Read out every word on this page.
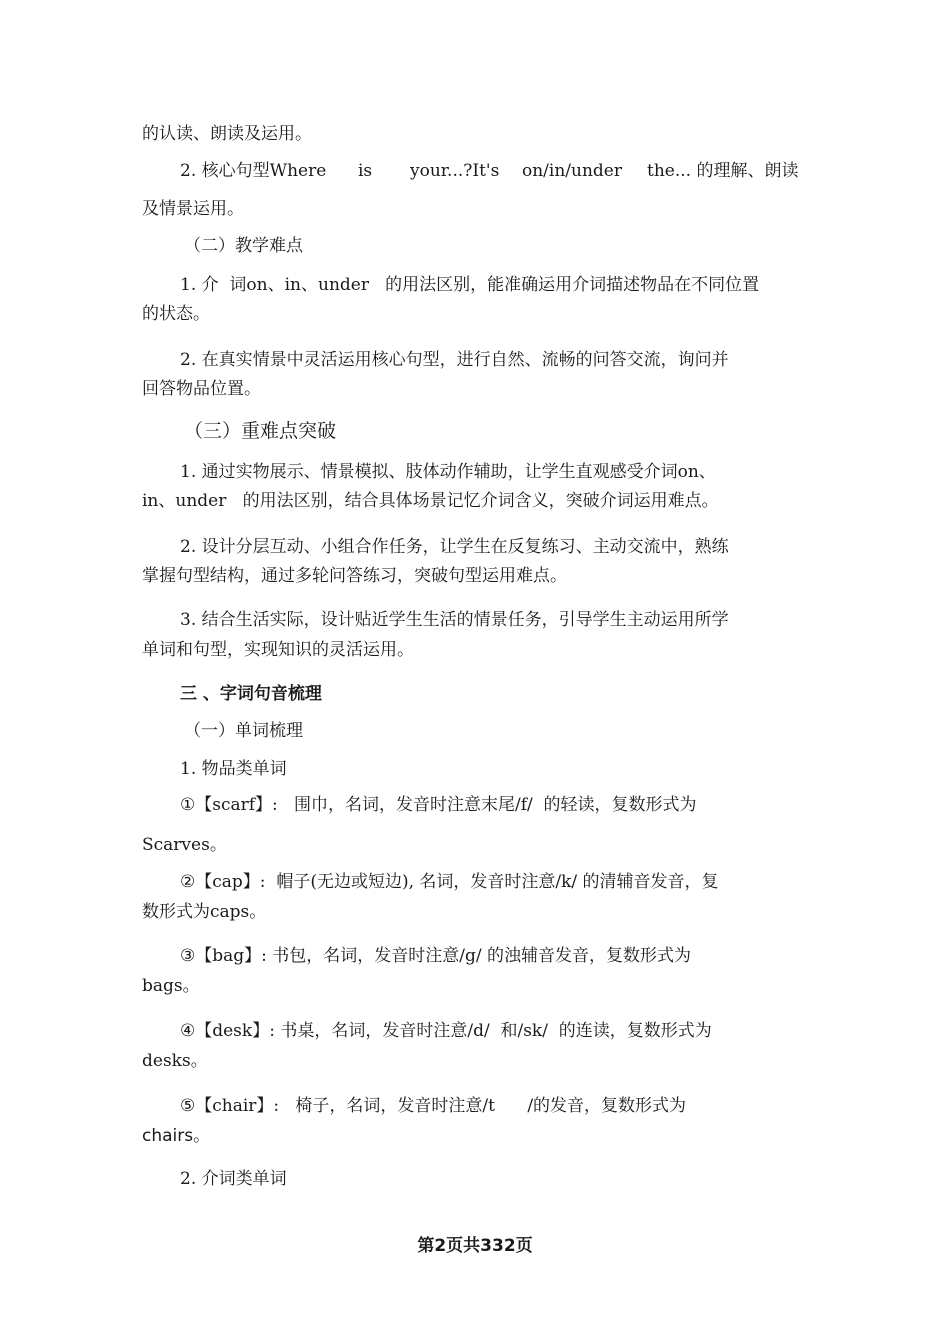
的认读、朗读及运用。
2. 核心句型Where is your...?It's on/in/under the... 的理解、朗读
及情景运用。
（二）教学难点
1. 介  词on、in、under   的用法区别，能准确运用介词描述物品在不同位置
的状态。
2. 在真实情景中灵活运用核心句型，进行自然、流畅的问答交流，询问并
回答物品位置。
（三）重难点突破
1. 通过实物展示、情景模拟、肢体动作辅助，让学生直观感受介词on、
in、under   的用法区别，结合具体场景记忆介词含义，突破介词运用难点。
2. 设计分层互动、小组合作任务，让学生在反复练习、主动交流中，熟练
掌握句型结构，通过多轮问答练习，突破句型运用难点。
3. 结合生活实际，设计贴近学生生活的情景任务，引导学生主动运用所学
单词和句型，实现知识的灵活运用。
三 、字词句音梳理
（一）单词梳理
1. 物品类单词
①【scarf】:   围巾，名词，发音时注意末尾/f/  的轻读，复数形式为
Scarves。
②【cap】:  帽子(无边或短边), 名词，发音时注意/k/ 的清辅音发音，复
数形式为caps。
③【bag】: 书包，名词，发音时注意/g/ 的浊辅音发音，复数形式为
bags。
④【desk】: 书桌，名词，发音时注意/d/  和/sk/  的连读，复数形式为
desks。
⑤【chair】:   椅子，名词，发音时注意/t      /的发音，复数形式为
chairs。
2. 介词类单词
第2页共332页
